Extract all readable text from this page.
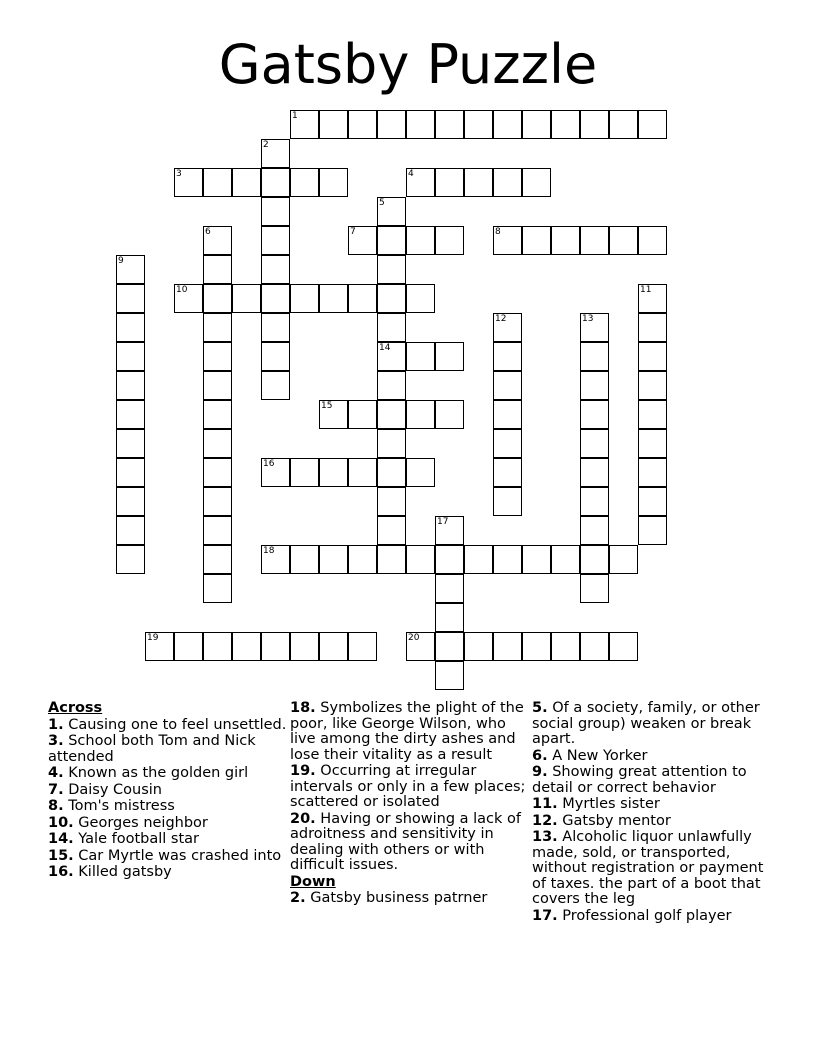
Gatsby Puzzle
1
2
3	4
5
14
6	7	8
9
10	11
12	13
15
16
17
18
19	20
Across
1. Causing one to feel unsettled.
3. School both Tom and Nick attended
4. Known as the golden girl
7. Daisy Cousin
8. Tom's mistress
10. Georges neighbor
14. Yale football star
15. Car Myrtle was crashed into
16. Killed gatsby
18. Symbolizes the plight of the poor, like George Wilson, who live among the dirty ashes and lose their vitality as a result
19. Occurring at irregular intervals or only in a few places; scattered or isolated
20. Having or showing a lack of adroitness and sensitivity in dealing with others or with difficult issues.
Down
2. Gatsby business patrner
5. Of a society, family, or other social group) weaken or break apart.
6. A New Yorker
9. Showing great attention to detail or correct behavior
11. Myrtles sister
12. Gatsby mentor
13. Alcoholic liquor unlawfully made, sold, or transported, without registration or payment of taxes. the part of a boot that covers the leg
17. Professional golf player
